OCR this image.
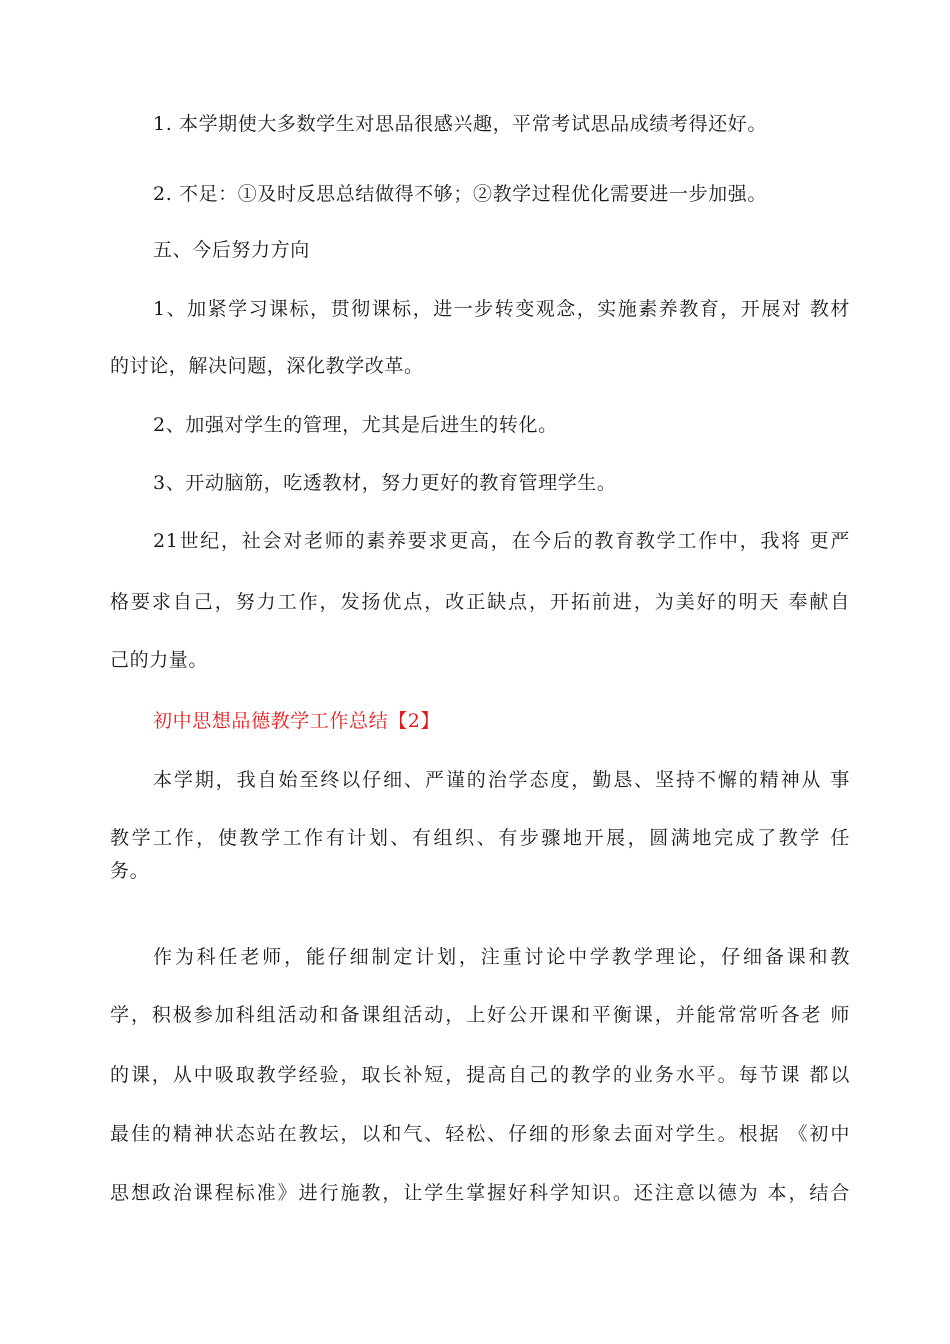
1. 本学期使大多数学生对思品很感兴趣，平常考试思品成绩考得还好。
2. 不足：①及时反思总结做得不够；②教学过程优化需要进一步加强。
五、今后努力方向
1、加紧学习课标，贯彻课标，进一步转变观念，实施素养教育，开展对 教材
的讨论，解决问题，深化教学改革。
2、加强对学生的管理，尤其是后进生的转化。
3、开动脑筋，吃透教材，努力更好的教育管理学生。
21世纪，社会对老师的素养要求更高，在今后的教育教学工作中，我将 更严
格要求自己，努力工作，发扬优点，改正缺点，开拓前进，为美好的明天 奉献自
己的力量。
初中思想品德教学工作总结【2】
本学期，我自始至终以仔细、严谨的治学态度，勤恳、坚持不懈的精神从 事
教学工作，使教学工作有计划、有组织、有步骤地开展，圆满地完成了教学 任
务。
作为科任老师，能仔细制定计划，注重讨论中学教学理论，仔细备课和教
学，积极参加科组活动和备课组活动，上好公开课和平衡课，并能常常听各老 师
的课，从中吸取教学经验，取长补短，提高自己的教学的业务水平。每节课 都以
最佳的精神状态站在教坛，以和气、轻松、仔细的形象去面对学生。根据 《初中
思想政治课程标准》进行施教，让学生掌握好科学知识。还注意以德为 本，结合
